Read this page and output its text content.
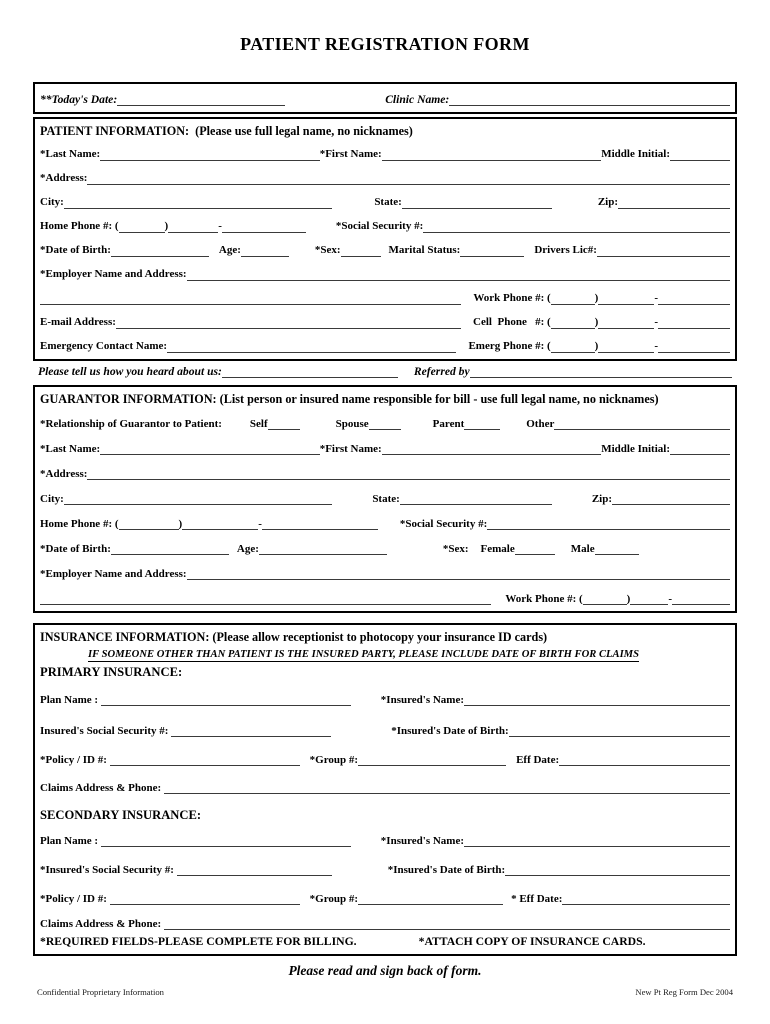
PATIENT REGISTRATION FORM
**Today's Date:	Clinic Name:
PATIENT INFORMATION:  (Please use full legal name, no nicknames)
*Last Name:	*First Name:	Middle Initial:
*Address:
City:	State:	Zip:
Home Phone #: (	)	-	*Social Security #:
*Date of Birth:	Age:	*Sex:	Marital Status:	Drivers Lic#:
*Employer Name and Address:
Work Phone #: (	)	-
E-mail Address:	Cell  Phone   #: (	)	-
Emergency Contact Name:	Emerg Phone #: (	)	-
Please tell us how you heard about us:	Referred by
GUARANTOR INFORMATION: (List person or insured name responsible for bill - use full legal name, no nicknames)
*Relationship of Guarantor to Patient:	Self	Spouse	Parent	Other
*Last Name:	*First Name:	Middle Initial:
*Address:
City:	State:	Zip:
Home Phone #: (	)	-	*Social Security #:
*Date of Birth:	Age:	*Sex: Female	Male
*Employer Name and Address:
Work Phone #: (	)	-
INSURANCE INFORMATION: (Please allow receptionist to photocopy your insurance ID cards)
IF SOMEONE OTHER THAN PATIENT IS THE INSURED PARTY, PLEASE INCLUDE DATE OF BIRTH FOR CLAIMS
PRIMARY INSURANCE:
Plan Name :	*Insured's Name:
Insured's Social Security #:	*Insured's Date of Birth:
*Policy / ID #:	*Group #:	Eff Date:
Claims Address & Phone:
SECONDARY INSURANCE:
Plan Name :	*Insured's Name:
*Insured's Social Security #:	*Insured's Date of Birth:
*Policy / ID #:	*Group #:	* Eff Date:
Claims Address & Phone:
*REQUIRED FIELDS-PLEASE COMPLETE FOR BILLING.	*ATTACH COPY OF INSURANCE CARDS.
Please read and sign back of form.
Confidential Proprietary Information	New Pt Reg Form Dec 2004
